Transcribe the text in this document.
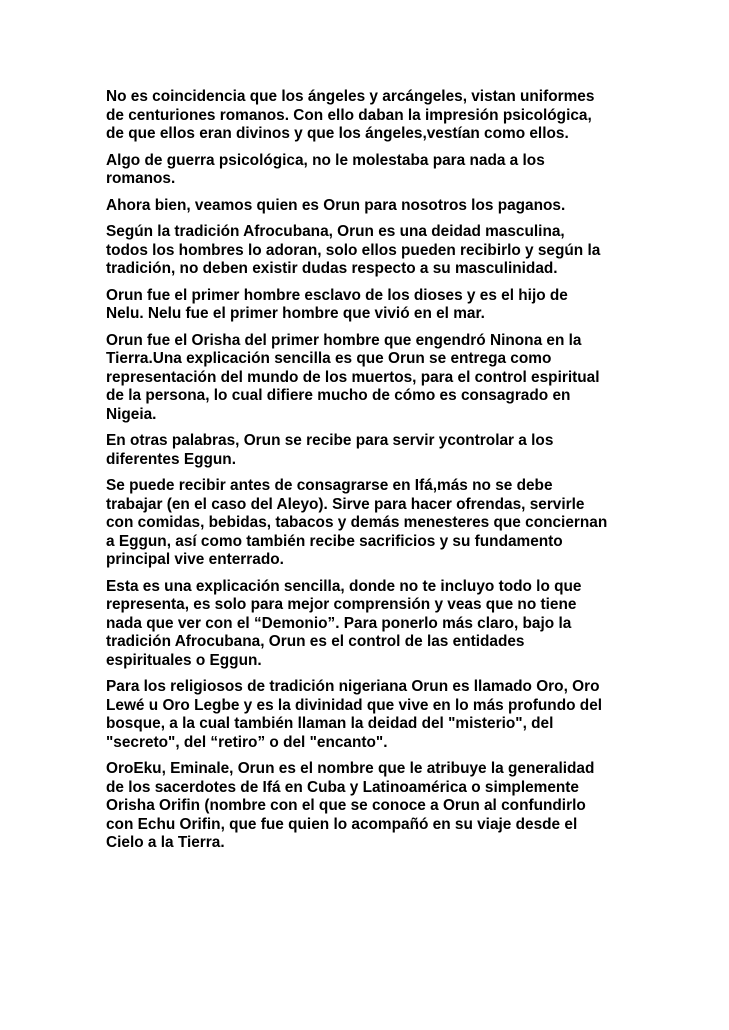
No es coincidencia que los ángeles y arcángeles, vistan uniformes
de centuriones romanos. Con ello daban la impresión psicológica,
de que ellos eran divinos y que los ángeles,vestían como ellos.

Algo de guerra psicológica, no le molestaba para nada a los
romanos.

Ahora bien, veamos quien es Orun para nosotros los paganos.

Según la tradición Afrocubana, Orun es una deidad masculina,
todos los hombres lo adoran, solo ellos pueden recibirlo y según la
tradición, no deben existir dudas respecto a su masculinidad.

Orun fue el primer hombre esclavo de los dioses y es el hijo de
Nelu. Nelu fue el primer hombre que vivió en el mar.

Orun fue el Orisha del primer hombre que engendró Ninona en la
Tierra.Una explicación sencilla es que Orun se entrega como
representación del mundo de los muertos, para el control espiritual
de la persona, lo cual difiere mucho de cómo es consagrado en
Nigeia.

En otras palabras, Orun se recibe para servir ycontrolar a los
diferentes Eggun.

Se puede recibir antes de consagrarse en Ifá,más no se debe
trabajar (en el caso del Aleyo). Sirve para hacer ofrendas, servirle
con comidas, bebidas, tabacos y demás menesteres que conciernan
a Eggun, así como también recibe sacrificios y su fundamento
principal vive enterrado.

Esta es una explicación sencilla, donde no te incluyo todo lo que
representa, es solo para mejor comprensión y veas que no tiene
nada que ver con el “Demonio”. Para ponerlo más claro, bajo la
tradición Afrocubana, Orun es el control de las entidades
espirituales o Eggun.

Para los religiosos de tradición nigeriana Orun es llamado Oro, Oro
Lewé u Oro Legbe y es la divinidad que vive en lo más profundo del
bosque, a la cual también llaman la deidad del "misterio", del
"secreto", del “retiro” o del "encanto".

OroEku, Eminale, Orun es el nombre que le atribuye la generalidad
de los sacerdotes de Ifá en Cuba y Latinoamérica o simplemente
Orisha Orifin (nombre con el que se conoce a Orun al confundirlo
con Echu Orifin, que fue quien lo acompañó en su viaje desde el
Cielo a la Tierra.
